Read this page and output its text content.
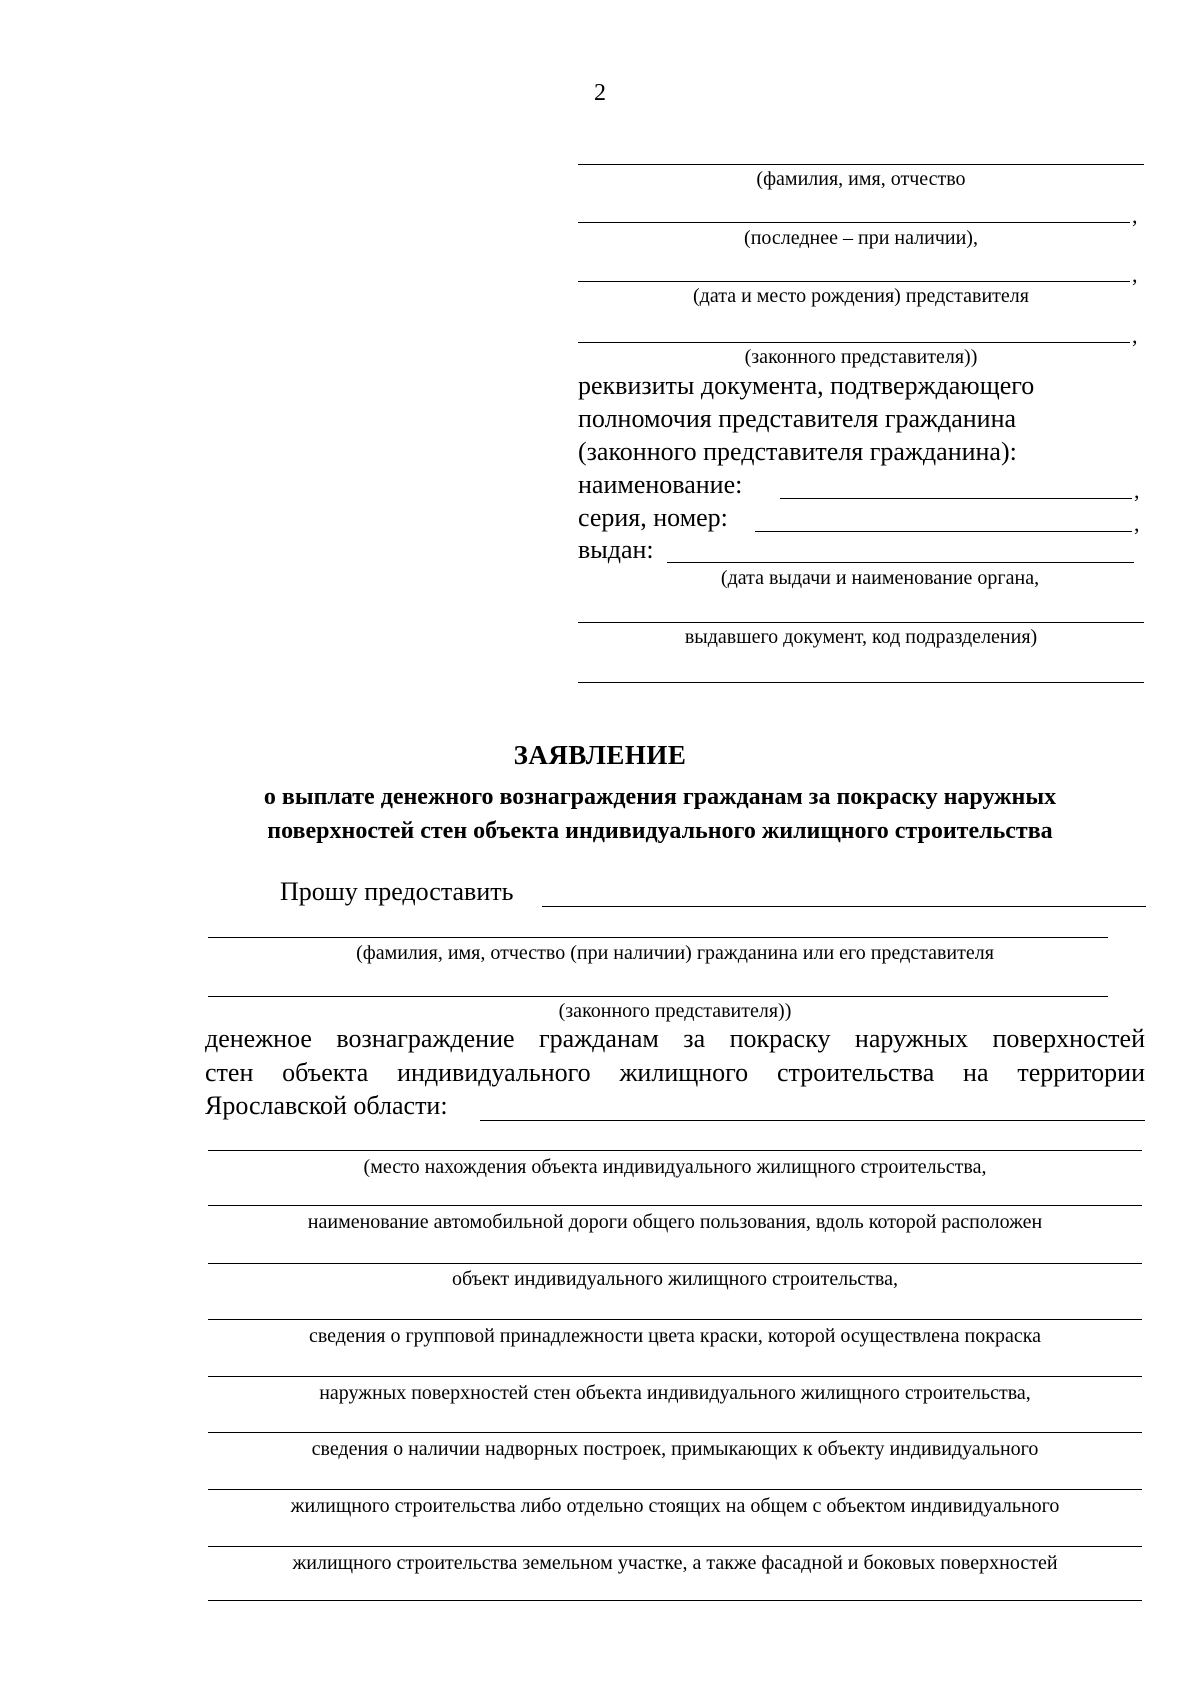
2
(фамилия, имя, отчество
,
(последнее – при наличии),
,
(дата и место рождения) представителя
,
(законного представителя))
реквизиты документа, подтверждающего
полномочия представителя гражданина
(законного представителя гражданина):
наименование:	,
серия, номер:	,
выдан:
(дата выдачи и наименование органа,
выдавшего документ, код подразделения)
ЗАЯВЛЕНИЕ
о выплате денежного вознаграждения гражданам за покраску наружных
поверхностей стен объекта индивидуального жилищного строительства
Прошу предоставить
(фамилия, имя, отчество (при наличии) гражданина или его представителя
(законного представителя))
денежное вознаграждение гражданам за покраску наружных поверхностей
стен объекта индивидуального жилищного строительства на территории
Ярославской области:
(место нахождения объекта индивидуального жилищного строительства,
наименование автомобильной дороги общего пользования, вдоль которой расположен
объект индивидуального жилищного строительства,
сведения о групповой принадлежности цвета краски, которой осуществлена покраска
наружных поверхностей стен объекта индивидуального жилищного строительства,
сведения о наличии надворных построек, примыкающих к объекту индивидуального
жилищного строительства либо отдельно стоящих на общем с объектом индивидуального
жилищного строительства земельном участке, а также фасадной и боковых поверхностей
